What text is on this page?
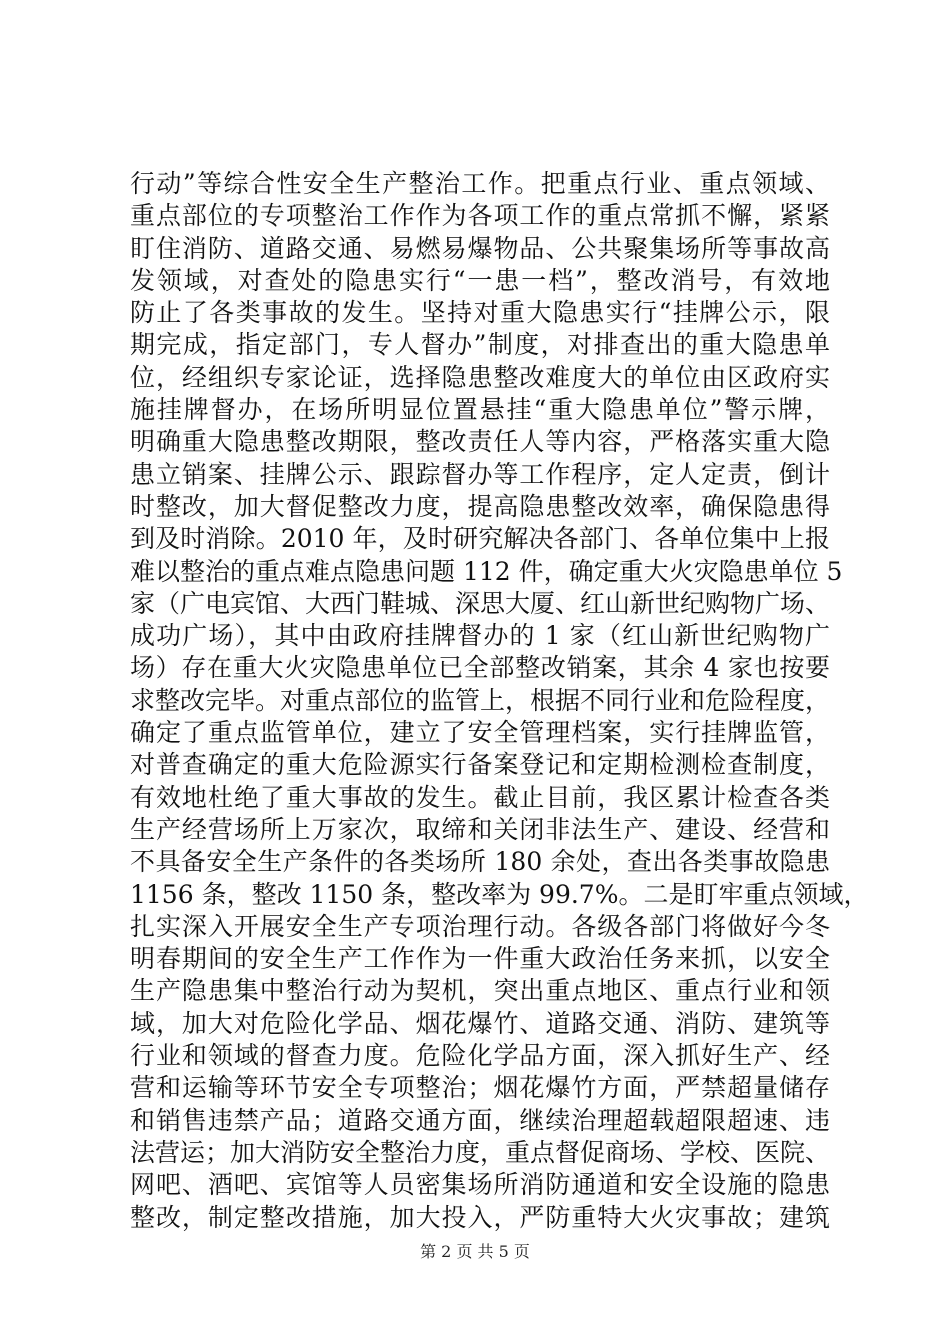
行动”等综合性安全生产整治工作。把重点行业、重点领域、
重点部位的专项整治工作作为各项工作的重点常抓不懈，紧紧
盯住消防、道路交通、易燃易爆物品、公共聚集场所等事故高
发领域，对查处的隐患实行“一患一档”，整改消号，有效地
防止了各类事故的发生。坚持对重大隐患实行“挂牌公示，限
期完成，指定部门，专人督办”制度，对排查出的重大隐患单
位，经组织专家论证，选择隐患整改难度大的单位由区政府实
施挂牌督办，在场所明显位置悬挂“重大隐患单位”警示牌，
明确重大隐患整改期限，整改责任人等内容，严格落实重大隐
患立销案、挂牌公示、跟踪督办等工作程序，定人定责，倒计
时整改，加大督促整改力度，提高隐患整改效率，确保隐患得
到及时消除。2010 年，及时研究解决各部门、各单位集中上报
难以整治的重点难点隐患问题 112 件，确定重大火灾隐患单位 5
家（广电宾馆、大西门鞋城、深思大厦、红山新世纪购物广场、
成功广场），其中由政府挂牌督办的 1 家（红山新世纪购物广
场）存在重大火灾隐患单位已全部整改销案，其余 4 家也按要
求整改完毕。对重点部位的监管上，根据不同行业和危险程度，
确定了重点监管单位，建立了安全管理档案，实行挂牌监管，
对普查确定的重大危险源实行备案登记和定期检测检查制度，
有效地杜绝了重大事故的发生。截止目前，我区累计检查各类
生产经营场所上万家次，取缔和关闭非法生产、建设、经营和
不具备安全生产条件的各类场所 180 余处，查出各类事故隐患
1156 条，整改 1150 条，整改率为 99.7%。二是盯牢重点领域，
扎实深入开展安全生产专项治理行动。各级各部门将做好今冬
明春期间的安全生产工作作为一件重大政治任务来抓，以安全
生产隐患集中整治行动为契机，突出重点地区、重点行业和领
域，加大对危险化学品、烟花爆竹、道路交通、消防、建筑等
行业和领域的督查力度。危险化学品方面，深入抓好生产、经
营和运输等环节安全专项整治；烟花爆竹方面，严禁超量储存
和销售违禁产品；道路交通方面，继续治理超载超限超速、违
法营运；加大消防安全整治力度，重点督促商场、学校、医院、
网吧、酒吧、宾馆等人员密集场所消防通道和安全设施的隐患
整改，制定整改措施，加大投入，严防重特大火灾事故；建筑
第 2 页 共 5 页
